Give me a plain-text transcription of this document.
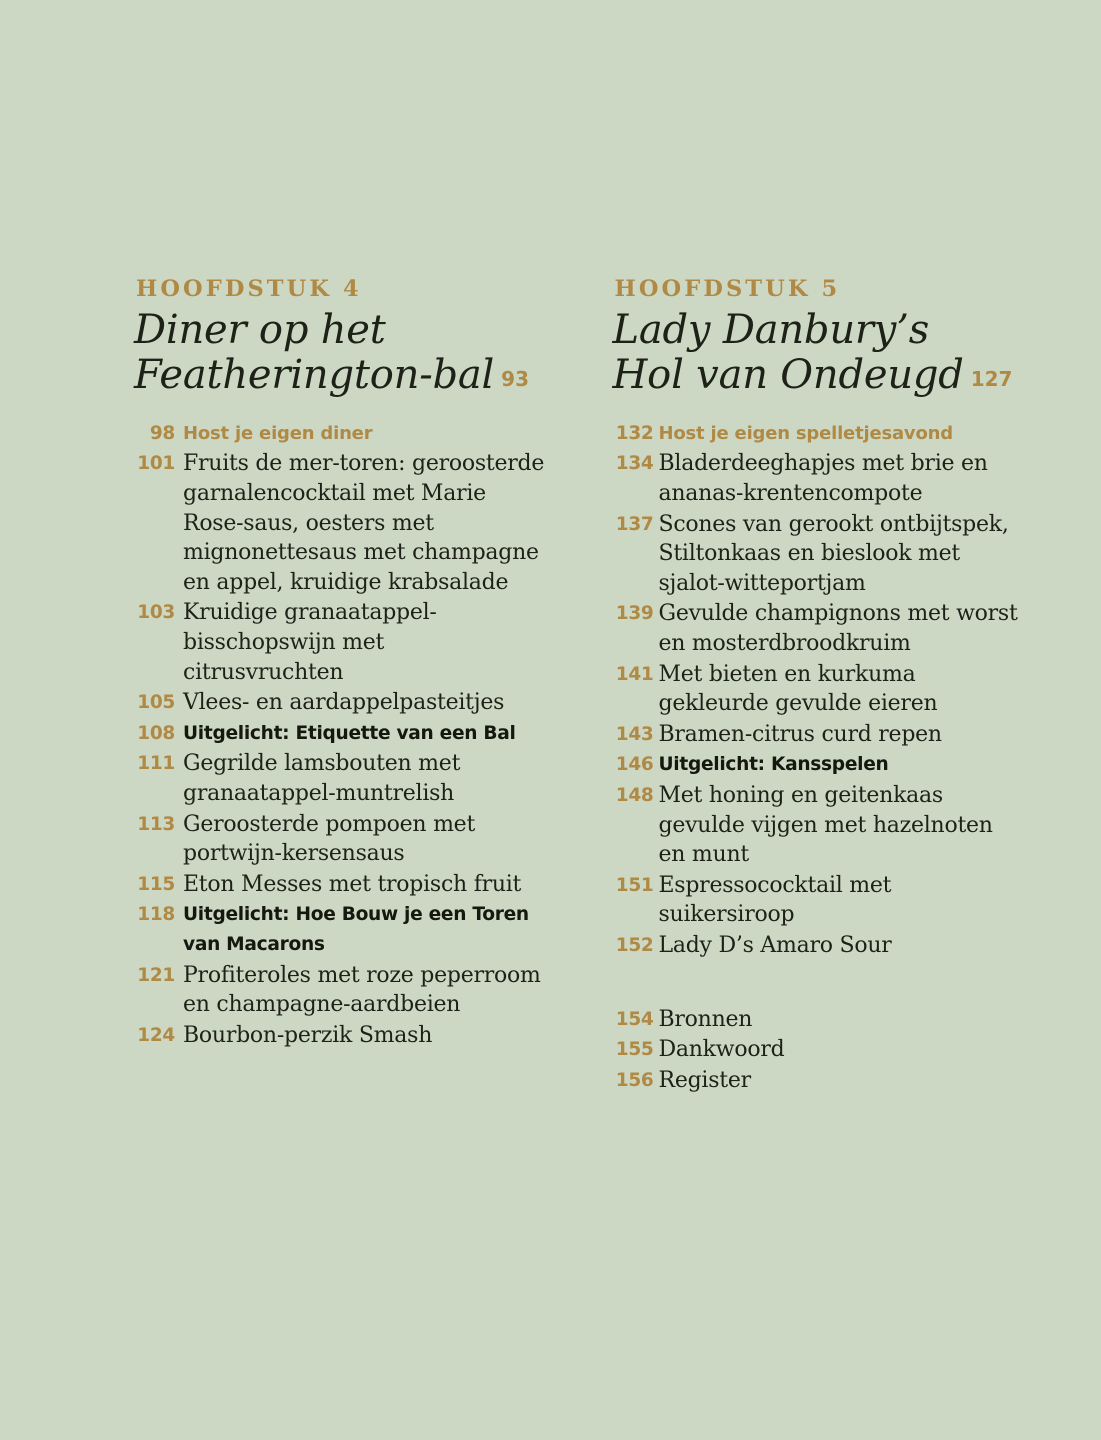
HOOFDSTUK 4
Diner op het
Featherington-bal 93
98 Host je eigen diner
101 Fruits de mer-toren: geroosterde garnalencocktail met Marie Rose-saus, oesters met mignonettesaus met champagne en appel, kruidige krabsalade
103 Kruidige granaatappel-bisschopswijn met citrusvruchten
105 Vlees- en aardappelpasteitjes
108 Uitgelicht: Etiquette van een Bal
111 Gegrilde lamsbouten met granaatappel-muntrelish
113 Geroosterde pompoen met portwijn-kersensaus
115 Eton Messes met tropisch fruit
118 Uitgelicht: Hoe Bouw je een Toren van Macarons
121 Profiteroles met roze peperroom en champagne-aardbeien
124 Bourbon-perzik Smash
HOOFDSTUK 5
Lady Danbury’s
Hol van Ondeugd 127
132 Host je eigen spelletjesavond
134 Bladerdeeghapjes met brie en ananas-krentencompote
137 Scones van gerookt ontbijtspek, Stiltonkaas en bieslook met sjalot-witteportjam
139 Gevulde champignons met worst en mosterdbroodkruim
141 Met bieten en kurkuma gekleurde gevulde eieren
143 Bramen-citrus curd repen
146 Uitgelicht: Kansspelen
148 Met honing en geitenkaas gevulde vijgen met hazelnoten en munt
151 Espressococktail met suikersiroop
152 Lady D’s Amaro Sour
154 Bronnen
155 Dankwoord
156 Register
